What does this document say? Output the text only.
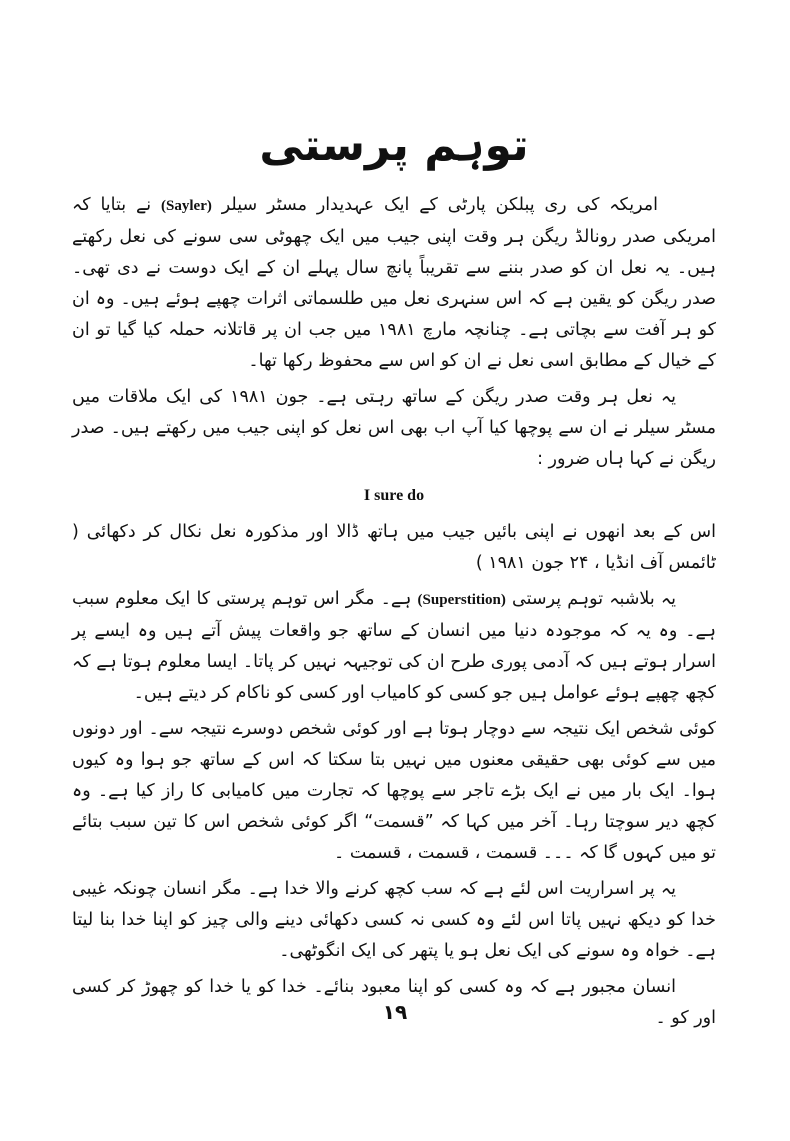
توہم پرستی

امریکہ کی ری پبلکن پارٹی کے ایک عہدیدار مسٹر سیلر (Sayler) نے بتایا کہ امریکی صدر رونالڈ ریگن ہر وقت اپنی جیب میں ایک چھوٹی سی سونے کی نعل رکھتے ہیں۔ یہ نعل ان کو صدر بننے سے تقریباً پانچ سال پہلے ان کے ایک دوست نے دی تھی۔ صدر ریگن کو یقین ہے کہ اس سنہری نعل میں طلسماتی اثرات چھپے ہوئے ہیں۔ وہ ان کو ہر آفت سے بچاتی ہے۔ چنانچہ مارچ ۱۹۸۱ میں جب ان پر قاتلانہ حملہ کیا گیا تو ان کے خیال کے مطابق اسی نعل نے ان کو اس سے محفوظ رکھا تھا۔

یہ نعل ہر وقت صدر ریگن کے ساتھ رہتی ہے۔ جون ۱۹۸۱ کی ایک ملاقات میں مسٹر سیلر نے ان سے پوچھا کیا آپ اب بھی اس نعل کو اپنی جیب میں رکھتے ہیں۔ صدر ریگن نے کہا ہاں ضرور :

I sure do

اس کے بعد انھوں نے اپنی بائیں جیب میں ہاتھ ڈالا اور مذکورہ نعل نکال کر دکھائی ( ٹائمس آف انڈیا ، ۲۴ جون ۱۹۸۱ )

یہ بلاشبہ توہم پرستی (Superstition) ہے۔ مگر اس توہم پرستی کا ایک معلوم سبب ہے۔ وہ یہ کہ موجودہ دنیا میں انسان کے ساتھ جو واقعات پیش آتے ہیں وہ ایسے پر اسرار ہوتے ہیں کہ آدمی پوری طرح ان کی توجیہہ نہیں کر پاتا۔ ایسا معلوم ہوتا ہے کہ کچھ چھپے ہوئے عوامل ہیں جو کسی کو کامیاب اور کسی کو ناکام کر دیتے ہیں۔

کوئی شخص ایک نتیجہ سے دوچار ہوتا ہے اور کوئی شخص دوسرے نتیجہ سے۔ اور دونوں میں سے کوئی بھی حقیقی معنوں میں نہیں بتا سکتا کہ اس کے ساتھ جو ہوا وہ کیوں ہوا۔ ایک بار میں نے ایک بڑے تاجر سے پوچھا کہ تجارت میں کامیابی کا راز کیا ہے۔ وہ کچھ دیر سوچتا رہا۔ آخر میں کہا کہ ”قسمت“ اگر کوئی شخص اس کا تین سبب بتائے تو میں کہوں گا کہ ۔۔۔ قسمت ، قسمت ، قسمت ۔

یہ پر اسراریت اس لئے ہے کہ سب کچھ کرنے والا خدا ہے۔ مگر انسان چونکہ غیبی خدا کو دیکھ نہیں پاتا اس لئے وہ کسی نہ کسی دکھائی دینے والی چیز کو اپنا خدا بنا لیتا ہے۔ خواہ وہ سونے کی ایک نعل ہو یا پتھر کی ایک انگوٹھی۔

انسان مجبور ہے کہ وہ کسی کو اپنا معبود بنائے۔ خدا کو یا خدا کو چھوڑ کر کسی اور کو ۔

۱۹
